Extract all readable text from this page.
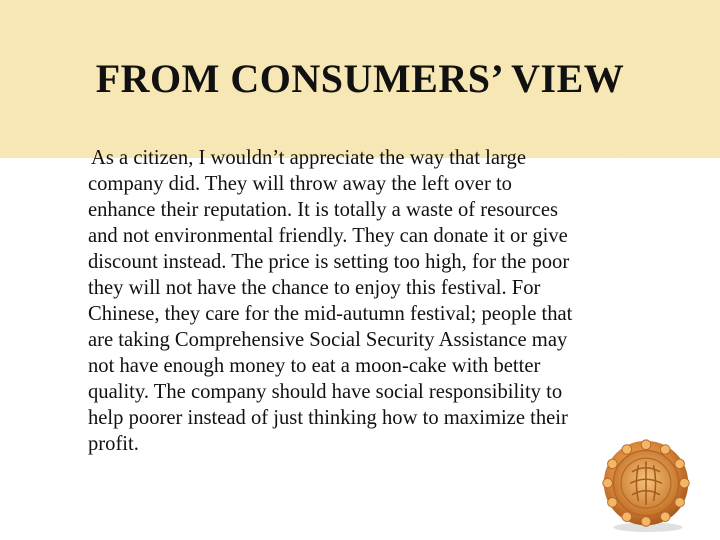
FROM CONSUMERS’ VIEW

As a citizen, I wouldn’t appreciate the way that large
company did. They will throw away the left over to
enhance their reputation. It is totally a waste of resources
and not environmental friendly. They can donate it or give
discount instead. The price is setting too high, for the poor
they will not have the chance to enjoy this festival. For
Chinese, they care for the mid-autumn festival; people that
are taking Comprehensive Social Security Assistance may
not have enough money to eat a moon-cake with better
quality. The company should have social responsibility to
help poorer instead of just thinking how to maximize their
profit.
